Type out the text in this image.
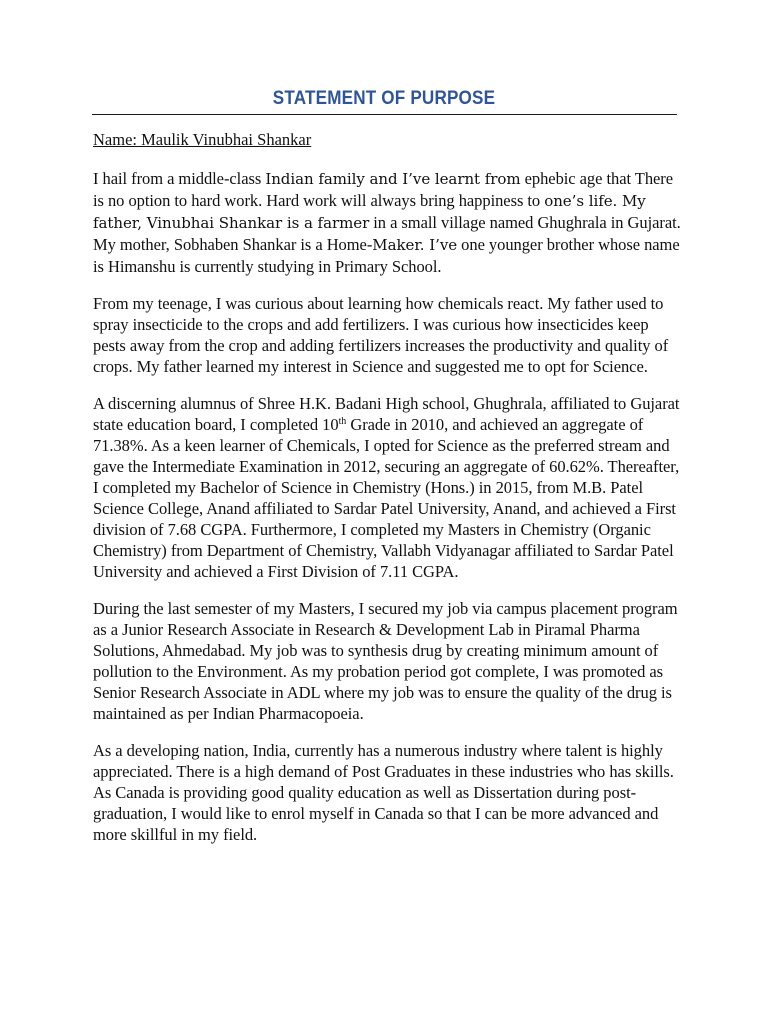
STATEMENT OF PURPOSE

Name: Maulik Vinubhai Shankar

I hail from a middle-class Indian family and I’ve learnt from ephebic age that There is no option to hard work. Hard work will always bring happiness to one’s life. My father, Vinubhai Shankar is a farmer in a small village named Ghughrala in Gujarat. My mother, Sobhaben Shankar is a Home-Maker. I’ve one younger brother whose name is Himanshu is currently studying in Primary School.

From my teenage, I was curious about learning how chemicals react. My father used to spray insecticide to the crops and add fertilizers. I was curious how insecticides keep pests away from the crop and adding fertilizers increases the productivity and quality of crops. My father learned my interest in Science and suggested me to opt for Science.

A discerning alumnus of Shree H.K. Badani High school, Ghughrala, affiliated to Gujarat state education board, I completed 10th Grade in 2010, and achieved an aggregate of 71.38%. As a keen learner of Chemicals, I opted for Science as the preferred stream and gave the Intermediate Examination in 2012, securing an aggregate of 60.62%. Thereafter, I completed my Bachelor of Science in Chemistry (Hons.) in 2015, from M.B. Patel Science College, Anand affiliated to Sardar Patel University, Anand, and achieved a First division of 7.68 CGPA. Furthermore, I completed my Masters in Chemistry (Organic Chemistry) from Department of Chemistry, Vallabh Vidyanagar affiliated to Sardar Patel University and achieved a First Division of 7.11 CGPA.

During the last semester of my Masters, I secured my job via campus placement program as a Junior Research Associate in Research & Development Lab in Piramal Pharma Solutions, Ahmedabad. My job was to synthesis drug by creating minimum amount of pollution to the Environment. As my probation period got complete, I was promoted as Senior Research Associate in ADL where my job was to ensure the quality of the drug is maintained as per Indian Pharmacopoeia.

As a developing nation, India, currently has a numerous industry where talent is highly appreciated. There is a high demand of Post Graduates in these industries who has skills. As Canada is providing good quality education as well as Dissertation during post-graduation, I would like to enrol myself in Canada so that I can be more advanced and more skillful in my field.
